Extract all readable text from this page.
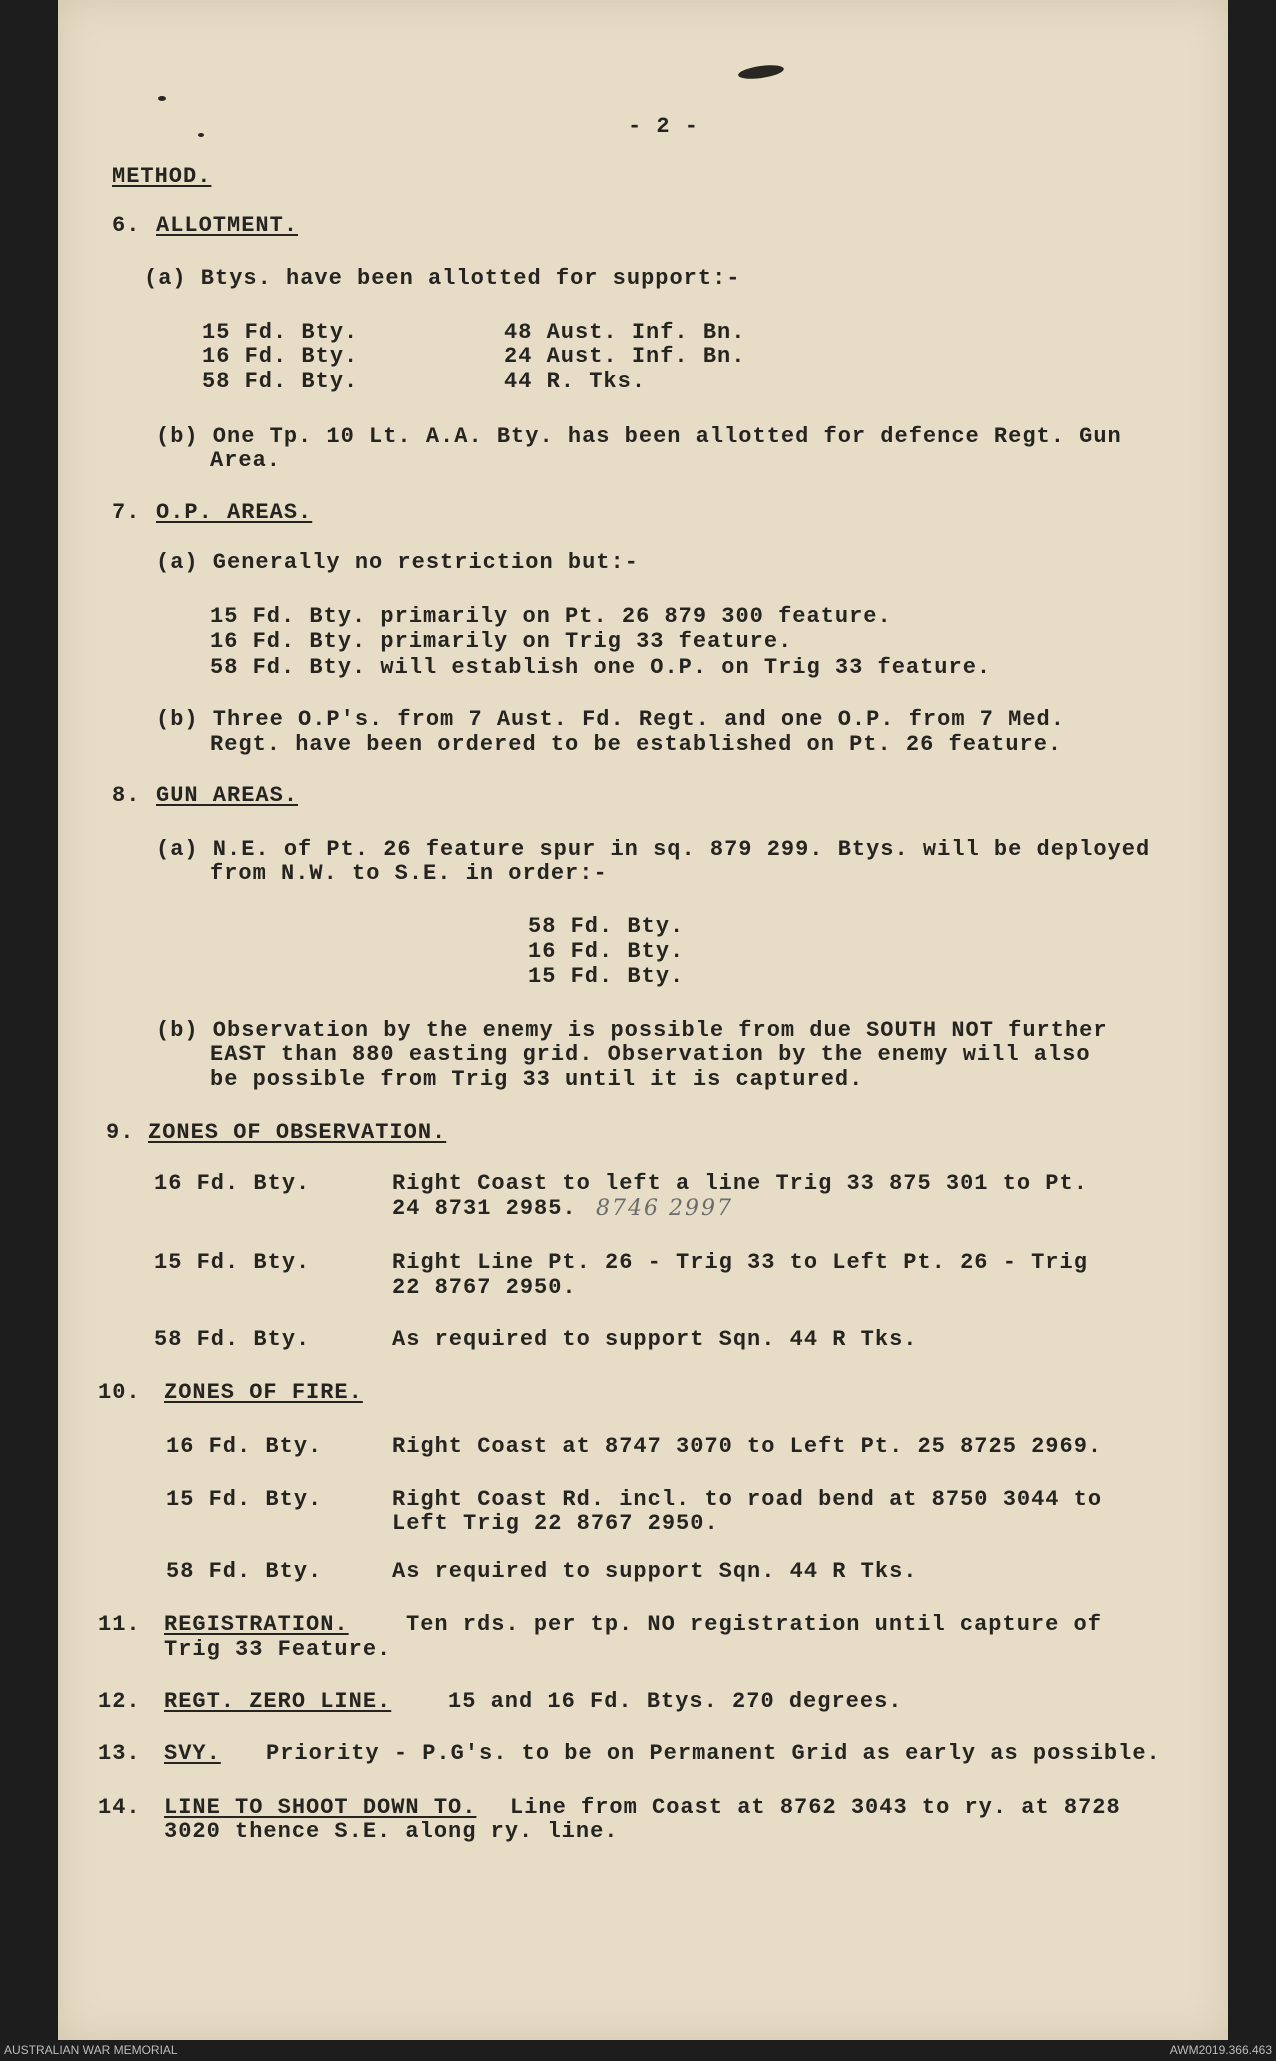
- 2 -
METHOD.
6. ALLOTMENT.
(a) Btys. have been allotted for support:-
15 Fd. Bty.	48 Aust. Inf. Bn.
16 Fd. Bty.	24 Aust. Inf. Bn.
58 Fd. Bty.	44 R. Tks.
(b) One Tp. 10 Lt. A.A. Bty. has been allotted for defence Regt. Gun
Area.
7. O.P. AREAS.
(a) Generally no restriction but:-
15 Fd. Bty. primarily on Pt. 26 879 300 feature.
16 Fd. Bty. primarily on Trig 33 feature.
58 Fd. Bty. will establish one O.P. on Trig 33 feature.
(b) Three O.P's. from 7 Aust. Fd. Regt. and one O.P. from 7 Med.
Regt. have been ordered to be established on Pt. 26 feature.
8. GUN AREAS.
(a) N.E. of Pt. 26 feature spur in sq. 879 299. Btys. will be deployed
from N.W. to S.E. in order:-
58 Fd. Bty.
16 Fd. Bty.
15 Fd. Bty.
(b) Observation by the enemy is possible from due SOUTH NOT further
EAST than 880 easting grid. Observation by the enemy will also
be possible from Trig 33 until it is captured.
9. ZONES OF OBSERVATION.
16 Fd. Bty.	Right Coast to left a line Trig 33 875 301 to Pt.
24 8731 2985. 8746 2997
15 Fd. Bty.	Right Line Pt. 26 - Trig 33 to Left Pt. 26 - Trig
22 8767 2950.
58 Fd. Bty.	As required to support Sqn. 44 R Tks.
10. ZONES OF FIRE.
16 Fd. Bty.	Right Coast at 8747 3070 to Left Pt. 25 8725 2969.
15 Fd. Bty.	Right Coast Rd. incl. to road bend at 8750 3044 to
Left Trig 22 8767 2950.
58 Fd. Bty.	As required to support Sqn. 44 R Tks.
11. REGISTRATION.	Ten rds. per tp. NO registration until capture of
Trig 33 Feature.
12. REGT. ZERO LINE.	15 and 16 Fd. Btys. 270 degrees.
13. SVY. Priority - P.G's. to be on Permanent Grid as early as possible.
14. LINE TO SHOOT DOWN TO. Line from Coast at 8762 3043 to ry. at 8728
3020 thence S.E. along ry. line.
AUSTRALIAN WAR MEMORIAL	AWM2019.366.463
